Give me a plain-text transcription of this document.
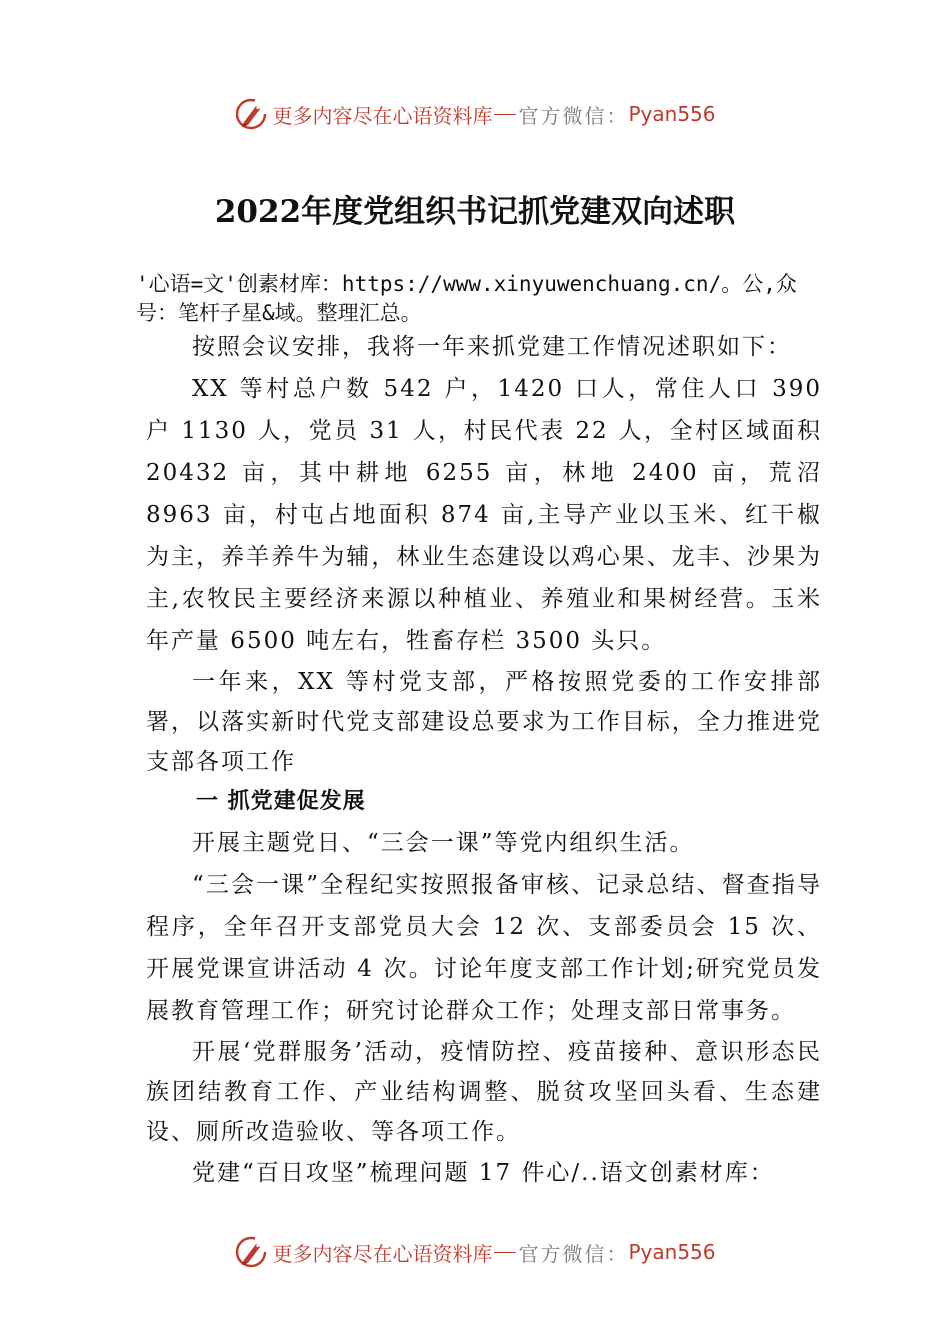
更多内容尽在心语资料库 官方微信： Pyan556
2022年度党组织书记抓党建双向述职
'心语=文'创素材库：https://www.xinyuwenchuang.cn/。公,众号：笔杆子星&域。整理汇总。

按照会议安排，我将一年来抓党建工作情况述职如下：

XX 等村总户数 542 户，1420 口人，常住人口 390 户 1130 人，党员 31 人，村民代表 22 人，全村区域面积 20432 亩，其中耕地 6255 亩，林地 2400 亩，荒沼 8963 亩，村屯占地面积 874 亩,主导产业以玉米、红干椒为主，养羊养牛为辅，林业生态建设以鸡心果、龙丰、沙果为主,农牧民主要经济来源以种植业、养殖业和果树经营。玉米年产量 6500 吨左右，牲畜存栏 3500 头只。

一年来，XX 等村党支部，严格按照党委的工作安排部署，以落实新时代党支部建设总要求为工作目标，全力推进党支部各项工作

一 抓党建促发展

开展主题党日、“三会一课”等党内组织生活。

“三会一课”全程纪实按照报备审核、记录总结、督查指导程序，全年召开支部党员大会 12 次、支部委员会 15 次、开展党课宣讲活动 4 次。讨论年度支部工作计划;研究党员发展教育管理工作；研究讨论群众工作；处理支部日常事务。

开展‘党群服务’活动，疫情防控、疫苗接种、意识形态民族团结教育工作、产业结构调整、脱贫攻坚回头看、生态建设、厕所改造验收、等各项工作。

党建“百日攻坚”梳理问题 17 件心/..语文创素材库：

更多内容尽在心语资料库 官方微信： Pyan556
